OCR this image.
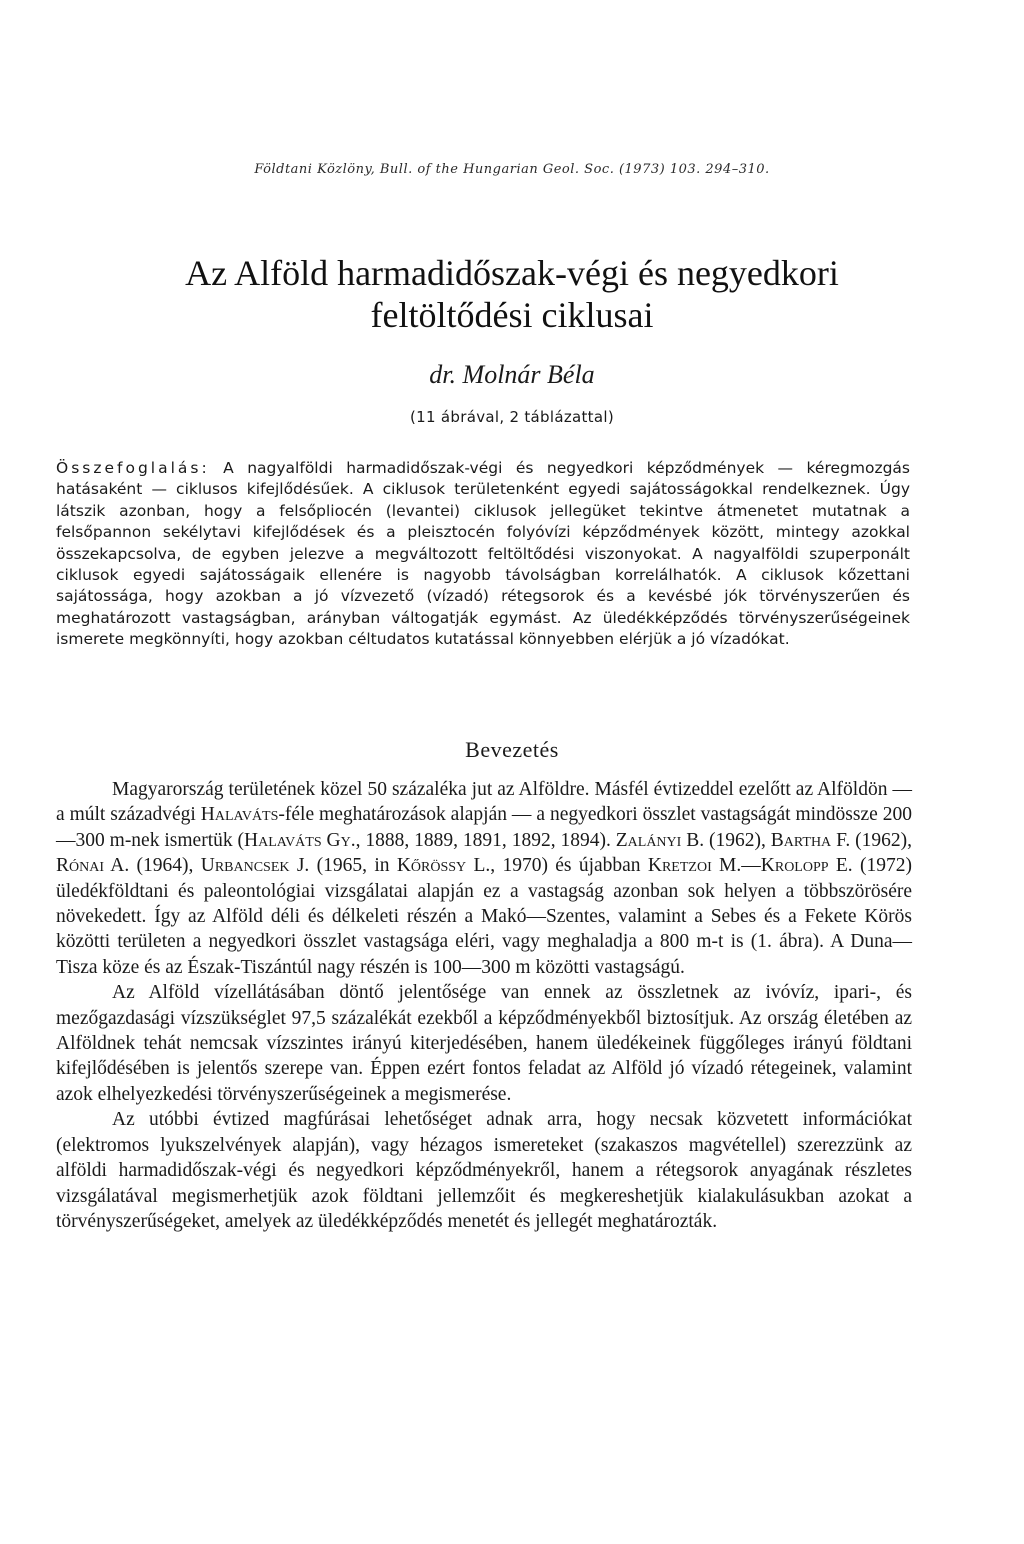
Földtani Közlöny, Bull. of the Hungarian Geol. Soc. (1973) 103. 294–310.
Az Alföld harmadidőszak-végi és negyedkori
feltöltődési ciklusai
dr. Molnár Béla
(11 ábrával, 2 táblázattal)
Összefoglalás: A nagyalföldi harmadidőszak-végi és negyedkori képződmények — kéregmozgás hatásaként — ciklusos kifejlődésűek. A ciklusok területenként egyedi sajátosságokkal rendelkeznek. Úgy látszik azonban, hogy a felsőpliocén (levantei) ciklusok jellegüket tekintve átmenetet mutatnak a felsőpannon sekélytavi kifejlődések és a pleisztocén folyóvízi képződmények között, mintegy azokkal összekapcsolva, de egyben jelezve a megváltozott feltöltődési viszonyokat. A nagyalföldi szuperponált ciklusok egyedi sajátosságaik ellenére is nagyobb távolságban korrelálhatók. A ciklusok kőzettani sajátossága, hogy azokban a jó vízvezető (vízadó) rétegsorok és a kevésbé jók törvényszerűen és meghatározott vastagságban, arányban váltogatják egymást. Az üledékképződés törvényszerűségeinek ismerete megkönnyíti, hogy azokban céltudatos kutatással könnyebben elérjük a jó vízadókat.
Bevezetés

Magyarország területének közel 50 százaléka jut az Alföldre. Másfél évtizeddel ezelőtt az Alföldön — a múlt századvégi Halaváts-féle meghatározások alapján — a negyedkori összlet vastagságát mindössze 200—300 m-nek ismertük (Halaváts Gy., 1888, 1889, 1891, 1892, 1894). Zalányi B. (1962), Bartha F. (1962), Rónai A. (1964), Urbancsek J. (1965, in Kőrössy L., 1970) és újabban Kretzoi M.—Krolopp E. (1972) üledékföldtani és paleontológiai vizsgálatai alapján ez a vastagság azonban sok helyen a többszörösére növekedett. Így az Alföld déli és délkeleti részén a Makó—Szentes, valamint a Sebes és a Fekete Körös közötti területen a negyedkori összlet vastagsága eléri, vagy meghaladja a 800 m-t is (1. ábra). A Duna—Tisza köze és az Észak-Tiszántúl nagy részén is 100—300 m közötti vastagságú.

Az Alföld vízellátásában döntő jelentősége van ennek az összletnek az ivóvíz, ipari-, és mezőgazdasági vízszükséglet 97,5 százalékát ezekből a képződményekből biztosítjuk. Az ország életében az Alföldnek tehát nemcsak vízszintes irányú kiterjedésében, hanem üledékeinek függőleges irányú földtani kifejlődésében is jelentős szerepe van. Éppen ezért fontos feladat az Alföld jó vízadó rétegeinek, valamint azok elhelyezkedési törvényszerűségeinek a megismerése.

Az utóbbi évtized magfúrásai lehetőséget adnak arra, hogy necsak közvetett információkat (elektromos lyukszelvények alapján), vagy hézagos ismereteket (szakaszos magvétellel) szerezzünk az alföldi harmadidőszak-végi és negyedkori képződményekről, hanem a rétegsorok anyagának részletes vizsgálatával megismerhetjük azok földtani jellemzőit és megkereshetjük kialakulásukban azokat a törvényszerűségeket, amelyek az üledékképződés menetét és jellegét meghatározták.
